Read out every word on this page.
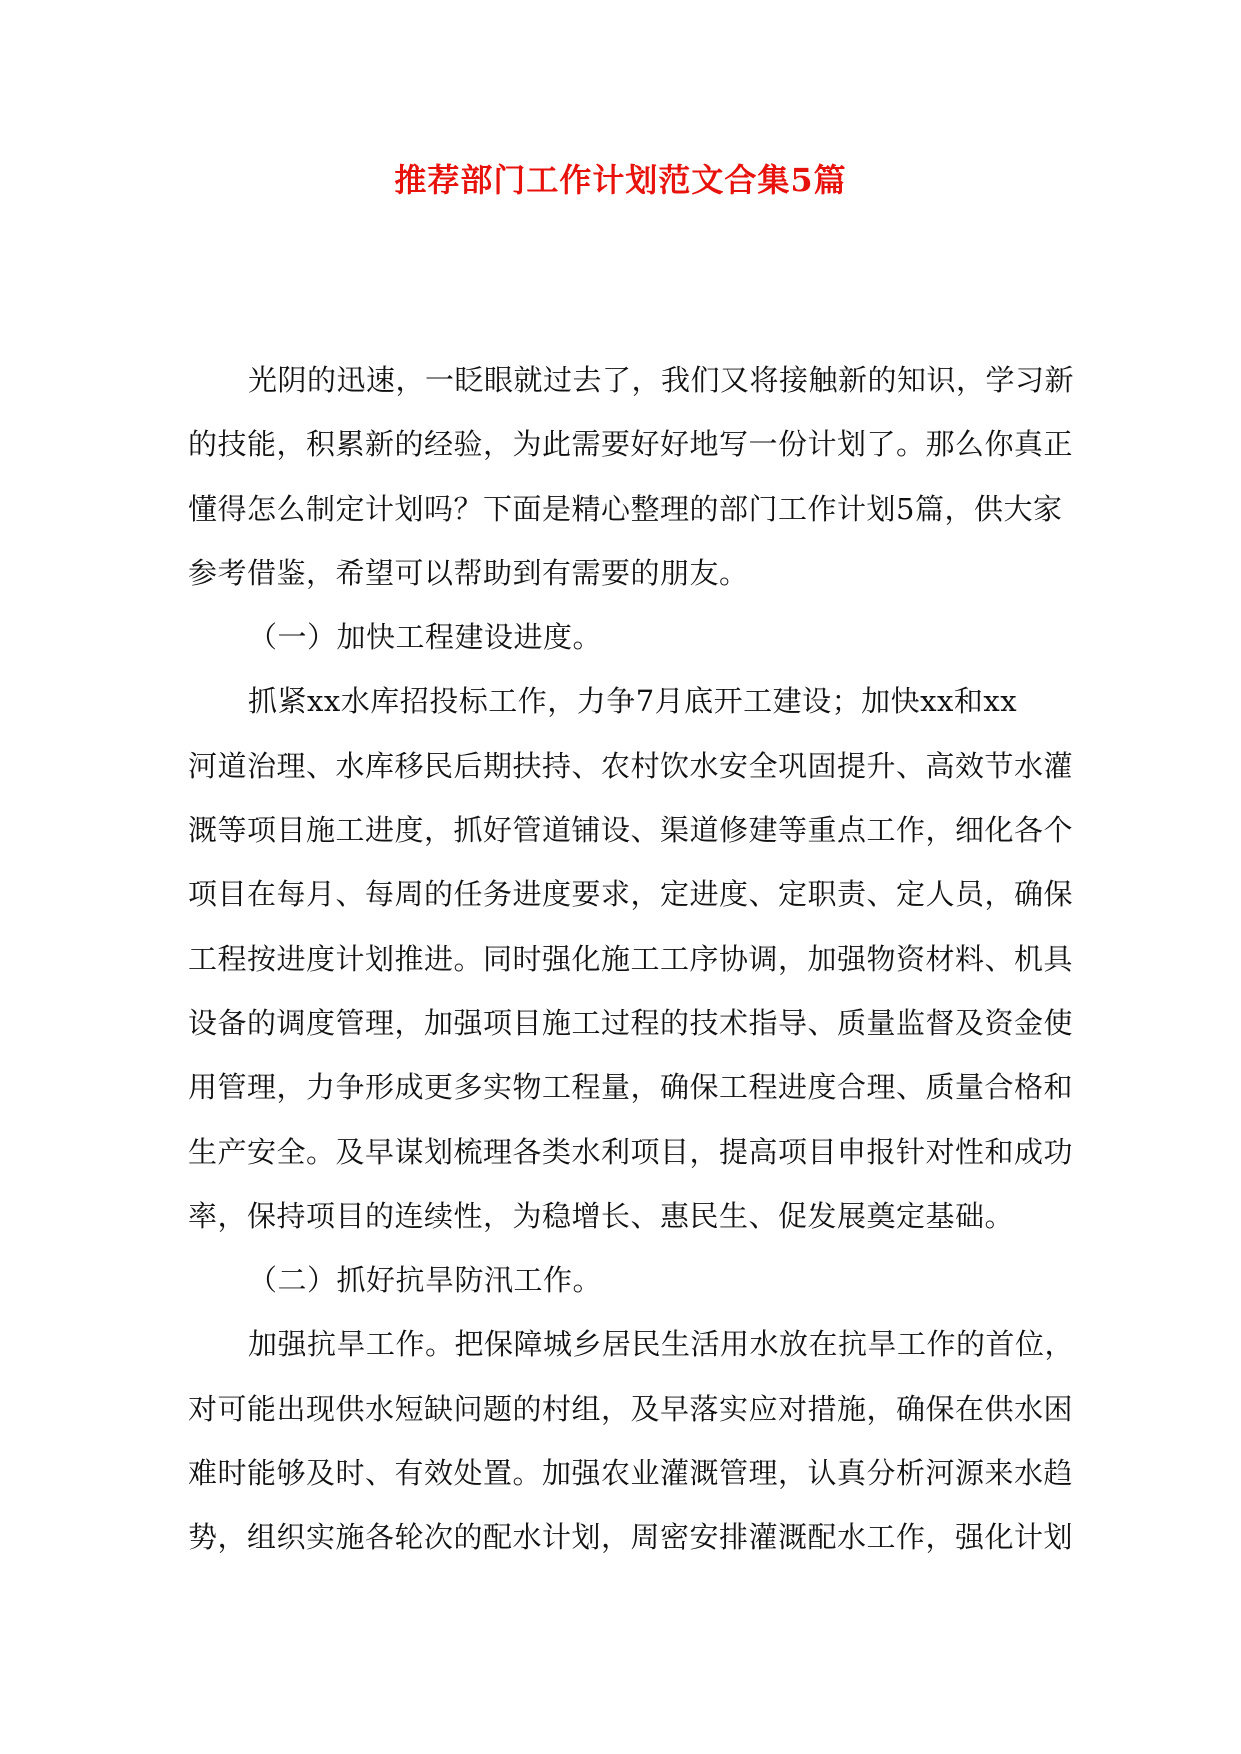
推荐部门工作计划范文合集5篇
光阴的迅速，一眨眼就过去了，我们又将接触新的知识，学习新
的技能，积累新的经验，为此需要好好地写一份计划了。那么你真正
懂得怎么制定计划吗？下面是精心整理的部门工作计划5篇，供大家
参考借鉴，希望可以帮助到有需要的朋友。
（一）加快工程建设进度。
抓紧xx水库招投标工作，力争7月底开工建设；加快xx和xx
河道治理、水库移民后期扶持、农村饮水安全巩固提升、高效节水灌
溉等项目施工进度，抓好管道铺设、渠道修建等重点工作，细化各个
项目在每月、每周的任务进度要求，定进度、定职责、定人员，确保
工程按进度计划推进。同时强化施工工序协调，加强物资材料、机具
设备的调度管理，加强项目施工过程的技术指导、质量监督及资金使
用管理，力争形成更多实物工程量，确保工程进度合理、质量合格和
生产安全。及早谋划梳理各类水利项目，提高项目申报针对性和成功
率，保持项目的连续性，为稳增长、惠民生、促发展奠定基础。
（二）抓好抗旱防汛工作。
加强抗旱工作。把保障城乡居民生活用水放在抗旱工作的首位，
对可能出现供水短缺问题的村组，及早落实应对措施，确保在供水困
难时能够及时、有效处置。加强农业灌溉管理，认真分析河源来水趋
势，组织实施各轮次的配水计划，周密安排灌溉配水工作，强化计划
